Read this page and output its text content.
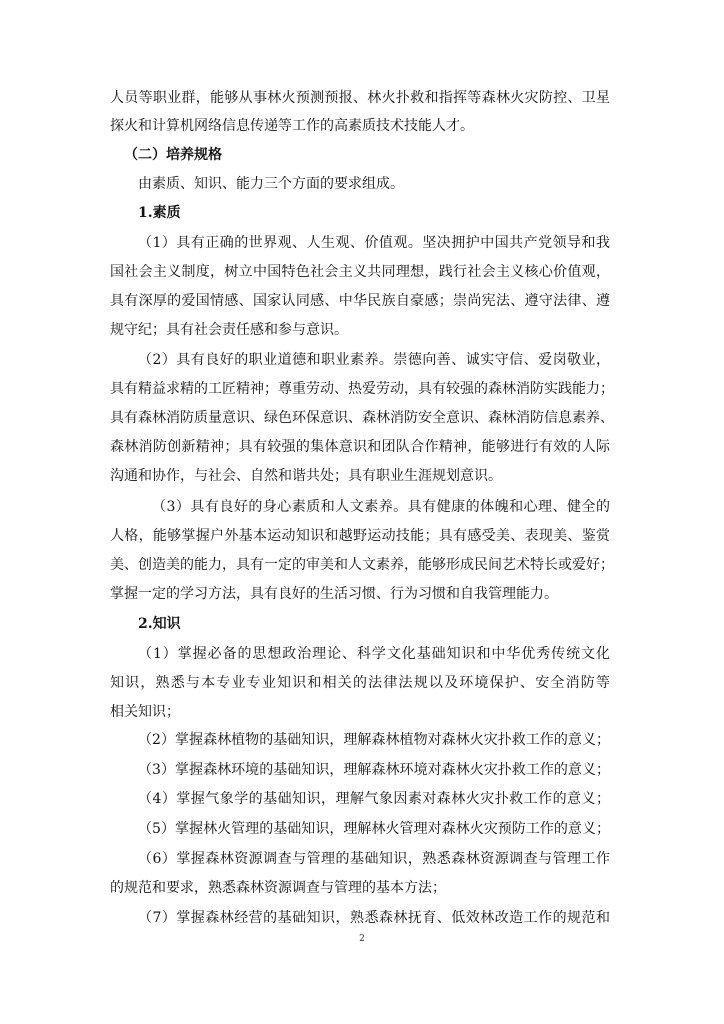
人员等职业群，能够从事林火预测预报、林火扑救和指挥等森林火灾防控、卫星
探火和计算机网络信息传递等工作的高素质技术技能人才。
（二）培养规格
由素质、知识、能力三个方面的要求组成。
1.素质
（1）具有正确的世界观、人生观、价值观。坚决拥护中国共产党领导和我
国社会主义制度，树立中国特色社会主义共同理想，践行社会主义核心价值观，
具有深厚的爱国情感、国家认同感、中华民族自豪感；崇尚宪法、遵守法律、遵
规守纪；具有社会责任感和参与意识。
（2）具有良好的职业道德和职业素养。崇德向善、诚实守信、爱岗敬业，
具有精益求精的工匠精神；尊重劳动、热爱劳动，具有较强的森林消防实践能力；
具有森林消防质量意识、绿色环保意识、森林消防安全意识、森林消防信息素养、
森林消防创新精神；具有较强的集体意识和团队合作精神，能够进行有效的人际
沟通和协作，与社会、自然和谐共处；具有职业生涯规划意识。
（3）具有良好的身心素质和人文素养。具有健康的体魄和心理、健全的
人格，能够掌握户外基本运动知识和越野运动技能；具有感受美、表现美、鉴赏
美、创造美的能力，具有一定的审美和人文素养，能够形成民间艺术特长或爱好；
掌握一定的学习方法，具有良好的生活习惯、行为习惯和自我管理能力。
2.知识
（1）掌握必备的思想政治理论、科学文化基础知识和中华优秀传统文化
知识，熟悉与本专业专业知识和相关的法律法规以及环境保护、安全消防等
相关知识；
（2）掌握森林植物的基础知识，理解森林植物对森林火灾扑救工作的意义；
（3）掌握森林环境的基础知识，理解森林环境对森林火灾扑救工作的意义；
（4）掌握气象学的基础知识，理解气象因素对森林火灾扑救工作的意义；
（5）掌握林火管理的基础知识，理解林火管理对森林火灾预防工作的意义；
（6）掌握森林资源调查与管理的基础知识，熟悉森林资源调查与管理工作
的规范和要求，熟悉森林资源调查与管理的基本方法；
（7）掌握森林经营的基础知识，熟悉森林抚育、低效林改造工作的规范和
2
